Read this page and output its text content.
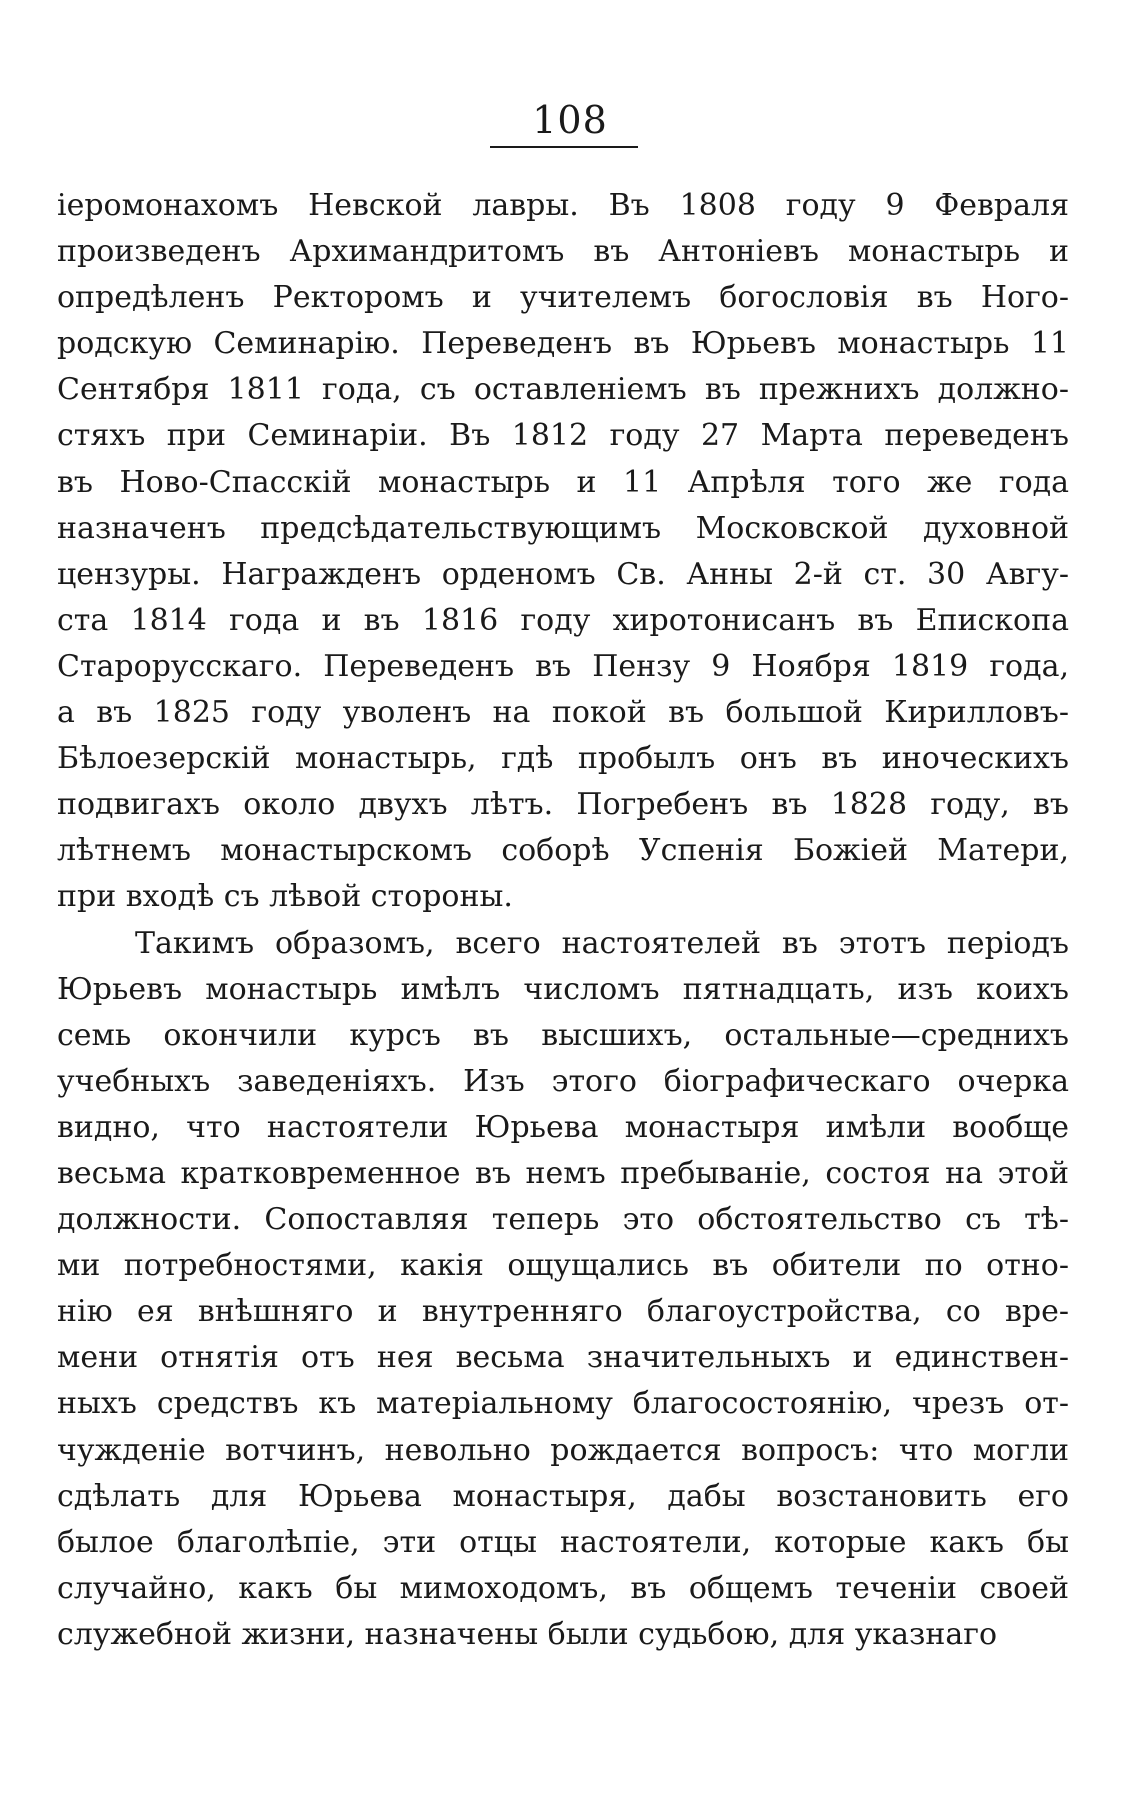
108
іеромонахомъ Невской лавры. Въ 1808 году 9 Февраля
произведенъ Архимандритомъ въ Антоніевъ монастырь и
опредѣленъ Ректоромъ и учителемъ богословія въ Ного-
родскую Семинарію. Переведенъ въ Юрьевъ монастырь 11
Сентября 1811 года, съ оставленіемъ въ прежнихъ должно-
стяхъ при Семинаріи. Въ 1812 году 27 Марта переведенъ
въ Ново-Спасскій монастырь и 11 Апрѣля того же года
назначенъ предсѣдательствующимъ Московской духовной
цензуры. Награжденъ орденомъ Св. Анны 2-й ст. 30 Авгу-
ста 1814 года и въ 1816 году хиротонисанъ въ Епископа
Старорусскаго. Переведенъ въ Пензу 9 Ноября 1819 года,
а въ 1825 году уволенъ на покой въ большой Кирилловъ-
Бѣлоезерскій монастырь, гдѣ пробылъ онъ въ иноческихъ
подвигахъ около двухъ лѣтъ. Погребенъ въ 1828 году, въ
лѣтнемъ монастырскомъ соборѣ Успенія Божіей Матери,
при входѣ съ лѣвой стороны.
Такимъ образомъ, всего настоятелей въ этотъ періодъ
Юрьевъ монастырь имѣлъ числомъ пятнадцать, изъ коихъ
семь окончили курсъ въ высшихъ, остальные—среднихъ
учебныхъ заведеніяхъ. Изъ этого біографическаго очерка
видно, что настоятели Юрьева монастыря имѣли вообще
весьма кратковременное въ немъ пребываніе, состоя на этой
должности. Сопоставляя теперь это обстоятельство съ тѣ-
ми потребностями, какія ощущались въ обители по отно-
нію ея внѣшняго и внутренняго благоустройства, со вре-
мени отнятія отъ нея весьма значительныхъ и единствен-
ныхъ средствъ къ матеріальному благосостоянію, чрезъ от-
чужденіе вотчинъ, невольно рождается вопросъ: что могли
сдѣлать для Юрьева монастыря, дабы возстановить его
былое благолѣпіе, эти отцы настоятели, которые какъ бы
случайно, какъ бы мимоходомъ, въ общемъ теченіи своей
служебной жизни, назначены были судьбою, для указнаго
